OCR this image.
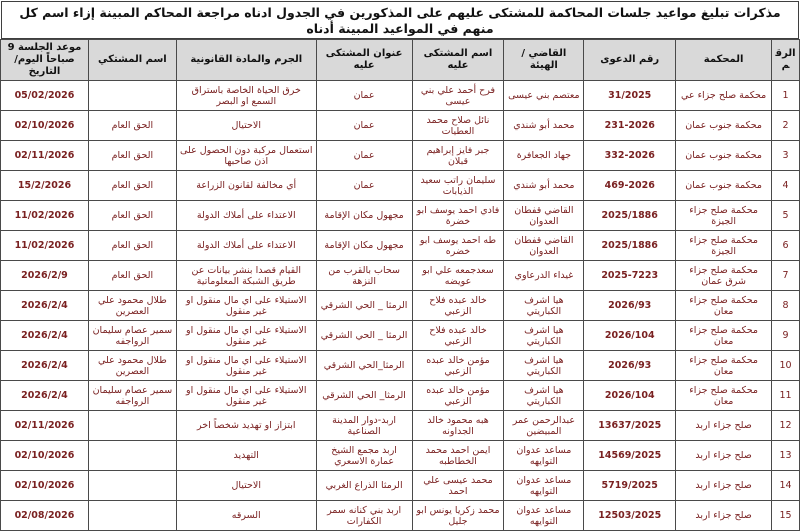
مذكرات تبليغ مواعيد جلسات المحاكمة للمشتكى عليهم على المذكورين في الجدول ادناه مراجعة المحاكم المبينة إزاء اسم كل منهم في المواعيد المبينة أدناه
الرقم	المحكمة	رقم الدعوى	القاضي / الهيئة	اسم المشتكى عليه	عنوان المشتكى عليه	الجرم والمادة القانونية	اسم المشتكي	موعد الجلسة 9 صباحاً اليوم/التاريخ
1	محكمة صلح جزاء عي	31/2025	معتصم بني عيسى	فرح أحمد علي بني عيسى	عمان	خرق الحياة الخاصة باستراق السمع او البصر		05/02/2026
2	محكمة جنوب عمان	231-2026	محمد أبو شندي	نائل صلاح محمد العطيات	عمان	الاحتيال	الحق العام	02/10/2026
3	محكمة جنوب عمان	332-2026	جهاد الجعافرة	جبر فايز إبراهيم قبلان	عمان	استعمال مركبة دون الحصول على اذن صاحبها	الحق العام	02/11/2026
4	محكمة جنوب عمان	469-2026	محمد أبو شندي	سليمان راتب سعيد الذيابات	عمان	أي مخالفة لقانون الزراعة	الحق العام	15/2/2026
5	محكمة صلح جزاء الجيزة	2025/1886	القاضي قفطان العدوان	فادي احمد يوسف ابو خضرة	مجهول مكان الإقامة	الاعتداء على أملاك الدولة	الحق العام	11/02/2026
6	محكمة صلح جزاء الجيزة	2025/1886	القاضي قفطان العدوان	طه احمد يوسف ابو خضره	مجهول مكان الإقامة	الاعتداء على أملاك الدولة	الحق العام	11/02/2026
7	محكمة صلح جزاء شرق عمان	2025-7223	غيداء الدرعاوي	سعدجمعه علي ابو عويضه	سحاب بالقرب من النزهة	القيام قصدا بنشر بيانات عن طريق الشبكة المعلوماتية	الحق العام	2026/2/9
8	محكمة صلح جزاء معان	2026/93	هيا اشرف الكباريتي	خالد عبده فلاح الزعبي	الرمثا _ الحي الشرقي	الاستيلاء على اي مال منقول او غير منقول	طلال محمود علي العصرين	2026/2/4
9	محكمة صلح جزاء معان	2026/104	هيا اشرف الكباريتي	خالد عبده فلاح الزعبي	الرمثا _ الحي الشرقي	الاستيلاء على اي مال منقول او غير منقول	سمير عصام سليمان الرواجفه	2026/2/4
10	محكمة صلح جزاء معان	2026/93	هيا اشرف الكباريتي	مؤمن خالد عبده الزعبي	الرمثا_الحي الشرقي	الاستيلاء على اي مال منقول او غير منقول	طلال محمود علي العصرين	2026/2/4
11	محكمة صلح جزاء معان	2026/104	هيا اشرف الكباريتي	مؤمن خالد عبده الزعبي	الرمثا_ الحي الشرقي	الاستيلاء على اي مال منقول او غير منقول	سمير عصام سليمان الرواجفه	2026/2/4
12	صلح جزاء اربد	13637/2025	عبدالرحمن عمر المبيضين	هبه محمود خالد الجداونه	اربد-دوار المدينة الصناعية	ابتزاز او تهديد شخصاً اخر		02/11/2026
13	صلح جزاء اربد	14569/2025	مساعد عدوان التوايهه	ايمن احمد محمد الخطاطبه	اربد مجمع الشيخ عمارة الاسعري	التهديد		02/10/2026
14	صلح جزاء اربد	5719/2025	مساعد عدوان التوايهه	محمد عيسى علي احمد	الرمثا الذراع الغربي	الاحتيال		02/10/2026
15	صلح جزاء اربد	12503/2025	مساعد عدوان التوايهه	محمد زكريا يونس ابو جليل	اربد بني كنانه سمر الكفارات	السرقه		02/08/2026
